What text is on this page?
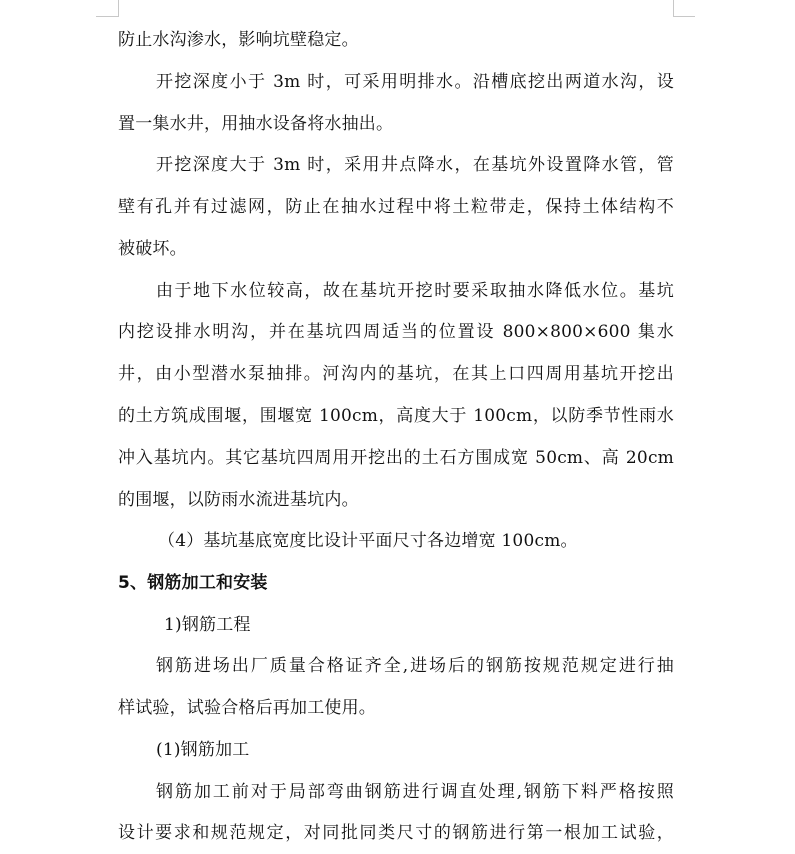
防止水沟渗水，影响坑壁稳定。
开挖深度小于 3m 时，可采用明排水。沿槽底挖出两道水沟，设
置一集水井，用抽水设备将水抽出。
开挖深度大于 3m 时，采用井点降水，在基坑外设置降水管，管
壁有孔并有过滤网，防止在抽水过程中将土粒带走，保持土体结构不
被破坏。
由于地下水位较高，故在基坑开挖时要采取抽水降低水位。基坑
内挖设排水明沟，并在基坑四周适当的位置设 800×800×600 集水
井，由小型潜水泵抽排。河沟内的基坑，在其上口四周用基坑开挖出
的土方筑成围堰，围堰宽 100cm，高度大于 100cm，以防季节性雨水
冲入基坑内。其它基坑四周用开挖出的土石方围成宽 50cm、高 20cm
的围堰，以防雨水流进基坑内。
（4）基坑基底宽度比设计平面尺寸各边增宽 100cm。
5、钢筋加工和安装
1)钢筋工程
钢筋进场出厂质量合格证齐全,进场后的钢筋按规范规定进行抽
样试验，试验合格后再加工使用。
(1)钢筋加工
钢筋加工前对于局部弯曲钢筋进行调直处理,钢筋下料严格按照
设计要求和规范规定，对同批同类尺寸的钢筋进行第一根加工试验，
